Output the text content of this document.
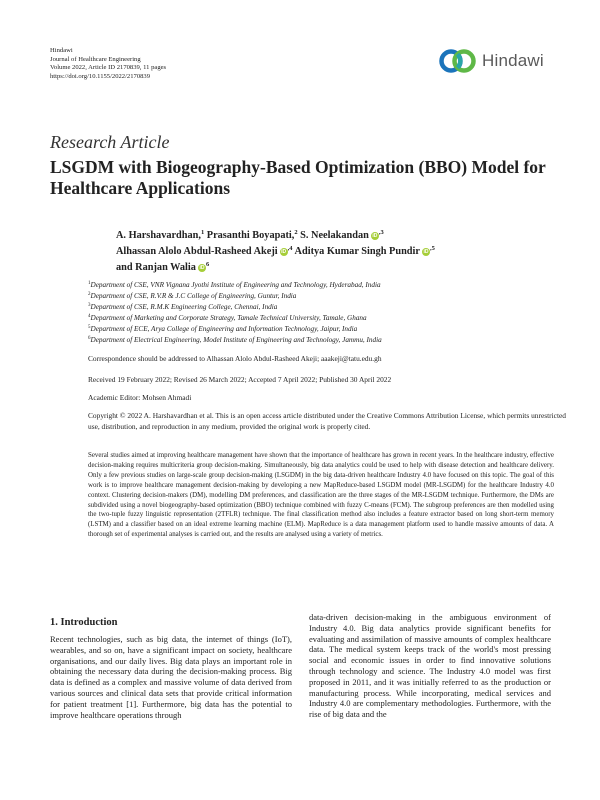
Hindawi
Journal of Healthcare Engineering
Volume 2022, Article ID 2170839, 11 pages
https://doi.org/10.1155/2022/2170839
Hindawi
Research Article
LSGDM with Biogeography-Based Optimization (BBO) Model for Healthcare Applications
A. Harshavardhan,$^1$ Prasanthi Boyapati,$^2$ S. Neelakandan iD $^{,3}$
Alhassan Alolo Abdul-Rasheed Akeji iD $^{,4}$ Aditya Kumar Singh Pundir iD $^{,5}$
and Ranjan Walia iD $^6$
$^1$Department of CSE, VNR Vignana Jyothi Institute of Engineering and Technology, Hyderabad, India
$^2$Department of CSE, R.V.R & J.C College of Engineering, Guntur, India
$^3$Department of CSE, R.M.K Engineering College, Chennai, India
$^4$Department of Marketing and Corporate Strategy, Tamale Technical University, Tamale, Ghana
$^5$Department of ECE, Arya College of Engineering and Information Technology, Jaipur, India
$^6$Department of Electrical Engineering, Model Institute of Engineering and Technology, Jammu, India
Correspondence should be addressed to Alhassan Alolo Abdul-Rasheed Akeji; aaakeji@tatu.edu.gh
Received 19 February 2022; Revised 26 March 2022; Accepted 7 April 2022; Published 30 April 2022
Academic Editor: Mohsen Ahmadi
Copyright © 2022 A. Harshavardhan et al. This is an open access article distributed under the Creative Commons Attribution License, which permits unrestricted use, distribution, and reproduction in any medium, provided the original work is properly cited.
Several studies aimed at improving healthcare management have shown that the importance of healthcare has grown in recent years. In the healthcare industry, effective decision-making requires multicriteria group decision-making. Simultaneously, big data analytics could be used to help with disease detection and healthcare delivery. Only a few previous studies on large-scale group decision-making (LSGDM) in the big data-driven healthcare Industry 4.0 have focused on this topic. The goal of this work is to improve healthcare management decision-making by developing a new MapReduce-based LSGDM model (MR-LSGDM) for the healthcare Industry 4.0 context. Clustering decision-makers (DM), modelling DM preferences, and classification are the three stages of the MR-LSGDM technique. Furthermore, the DMs are subdivided using a novel biogeography-based optimization (BBO) technique combined with fuzzy C-means (FCM). The subgroup preferences are then modelled using the two-tuple fuzzy linguistic representation (2TFLR) technique. The final classification method also includes a feature extractor based on long short-term memory (LSTM) and a classifier based on an ideal extreme learning machine (ELM). MapReduce is a data management platform used to handle massive amounts of data. A thorough set of experimental analyses is carried out, and the results are analysed using a variety of metrics.
1. Introduction
Recent technologies, such as big data, the internet of things (IoT), wearables, and so on, have a significant impact on society, healthcare organisations, and our daily lives. Big data plays an important role in obtaining the necessary data during the decision-making process. Big data is defined as a complex and massive volume of data derived from various sources and clinical data sets that provide critical information for patient treatment [1]. Furthermore, big data has the potential to improve healthcare operations through
data-driven decision-making in the ambiguous environment of Industry 4.0. Big data analytics provide significant benefits for evaluating and assimilation of massive amounts of complex healthcare data. The medical system keeps track of the world's most pressing social and economic issues in order to find innovative solutions through technology and science. The Industry 4.0 model was first proposed in 2011, and it was initially referred to as the production or manufacturing process. While incorporating, medical services and Industry 4.0 are complementary methodologies. Furthermore, with the rise of big data and the
